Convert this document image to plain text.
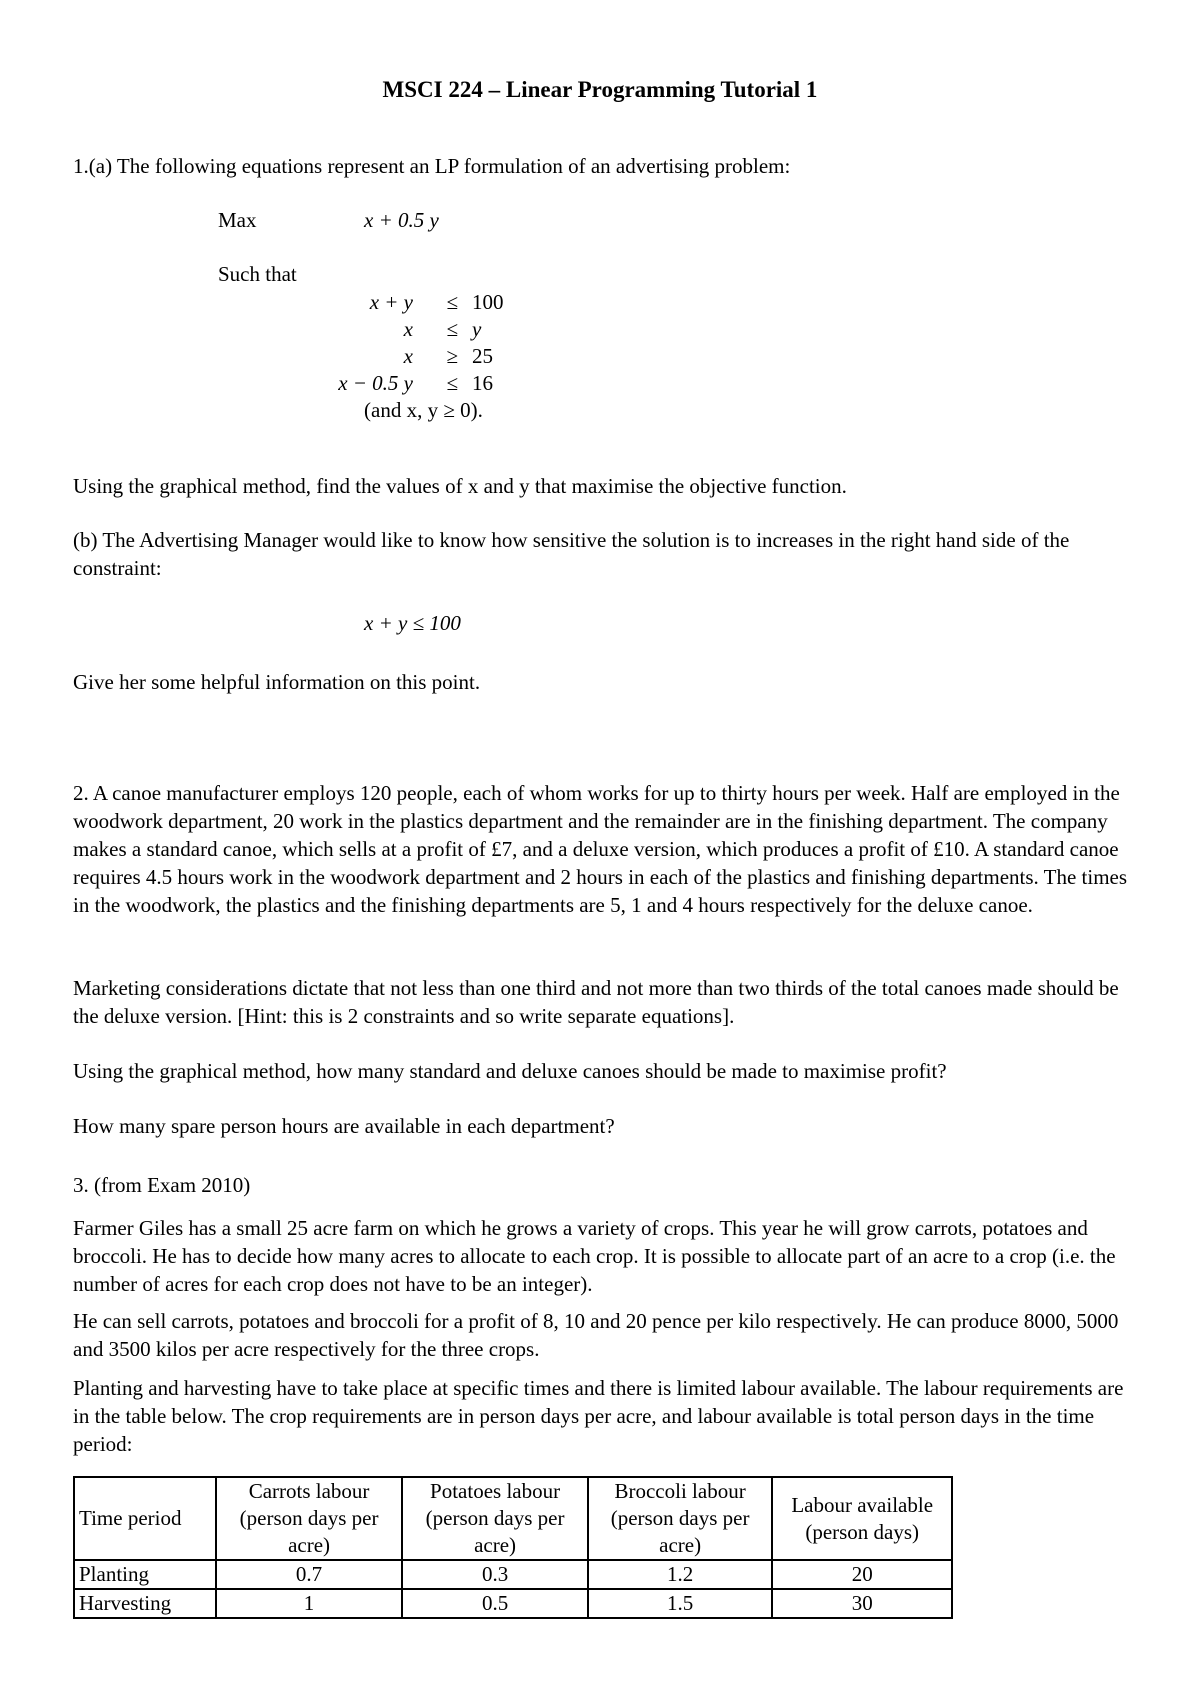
MSCI 224 – Linear Programming Tutorial 1
1.(a) The following equations represent an LP formulation of an advertising problem:
Max	x + 0.5 y
Such that
x + y	≤ 100
x	≤ y
x	≥ 25
x − 0.5 y	≤ 16
(and x, y ≥ 0).
Using the graphical method, find the values of x and y that maximise the objective function.
(b) The Advertising Manager would like to know how sensitive the solution is to increases in the right hand side of the constraint:
x + y ≤ 100
Give her some helpful information on this point.
2. A canoe manufacturer employs 120 people, each of whom works for up to thirty hours per week. Half are employed in the woodwork department, 20 work in the plastics department and the remainder are in the finishing department. The company makes a standard canoe, which sells at a profit of £7, and a deluxe version, which produces a profit of £10. A standard canoe requires 4.5 hours work in the woodwork department and 2 hours in each of the plastics and finishing departments. The times in the woodwork, the plastics and the finishing departments are 5, 1 and 4 hours respectively for the deluxe canoe.
Marketing considerations dictate that not less than one third and not more than two thirds of the total canoes made should be the deluxe version. [Hint: this is 2 constraints and so write separate equations].
Using the graphical method, how many standard and deluxe canoes should be made to maximise profit?
How many spare person hours are available in each department?
3. (from Exam 2010)
Farmer Giles has a small 25 acre farm on which he grows a variety of crops. This year he will grow carrots, potatoes and broccoli. He has to decide how many acres to allocate to each crop. It is possible to allocate part of an acre to a crop (i.e. the number of acres for each crop does not have to be an integer).
He can sell carrots, potatoes and broccoli for a profit of 8, 10 and 20 pence per kilo respectively. He can produce 8000, 5000 and 3500 kilos per acre respectively for the three crops.
Planting and harvesting have to take place at specific times and there is limited labour available. The labour requirements are in the table below. The crop requirements are in person days per acre, and labour available is total person days in the time period:
Time period	Carrots labour (person days per acre)	Potatoes labour (person days per acre)	Broccoli labour (person days per acre)	Labour available (person days)
Planting	0.7	0.3	1.2	20
Harvesting	1	0.5	1.5	30
